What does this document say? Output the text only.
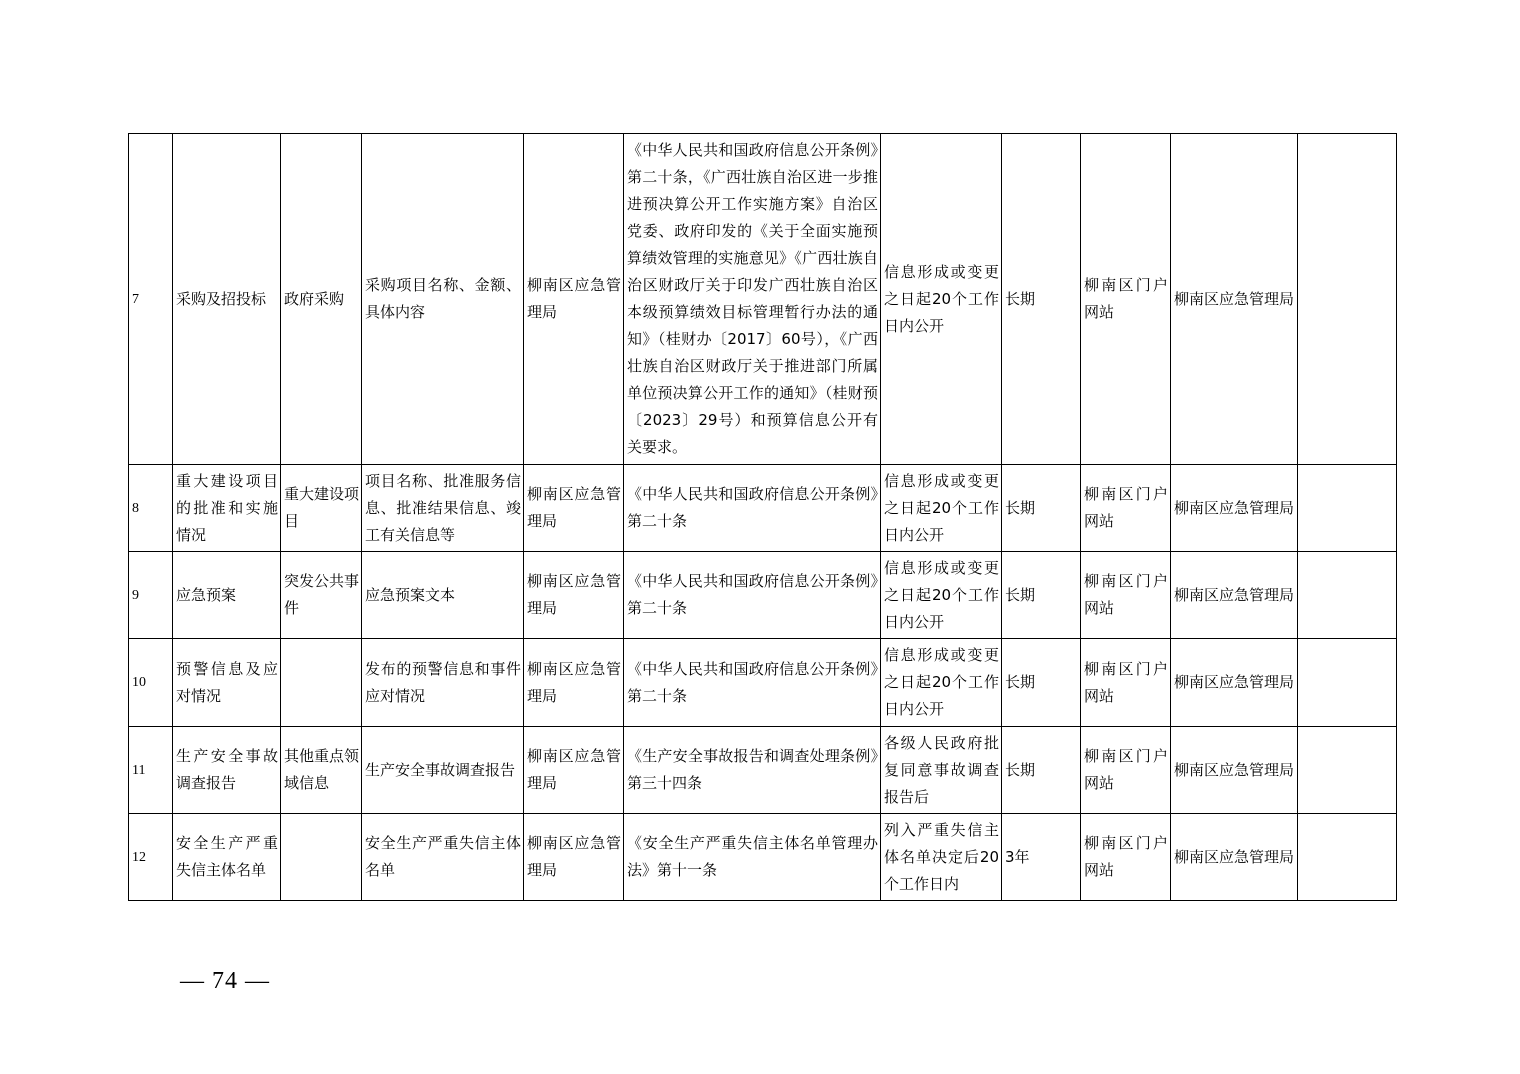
7	采购及招投标	政府采购	采购项目名称、金额、具体内容	柳南区应急管理局	《中华人民共和国政府信息公开条例》第二十条，《广西壮族自治区进一步推进预决算公开工作实施方案》自治区党委、政府印发的《关于全面实施预算绩效管理的实施意见》《广西壮族自治区财政厅关于印发广西壮族自治区本级预算绩效目标管理暂行办法的通知》（桂财办〔2017〕60号），《广西壮族自治区财政厅关于推进部门所属单位预决算公开工作的通知》（桂财预〔2023〕29号）和预算信息公开有关要求。	信息形成或变更之日起20个工作日内公开	长期	柳南区门户网站	柳南区应急管理局	
8	重大建设项目的批准和实施情况	重大建设项目	项目名称、批准服务信息、批准结果信息、竣工有关信息等	柳南区应急管理局	《中华人民共和国政府信息公开条例》第二十条	信息形成或变更之日起20个工作日内公开	长期	柳南区门户网站	柳南区应急管理局	
9	应急预案	突发公共事件	应急预案文本	柳南区应急管理局	《中华人民共和国政府信息公开条例》第二十条	信息形成或变更之日起20个工作日内公开	长期	柳南区门户网站	柳南区应急管理局	
10	预警信息及应对情况		发布的预警信息和事件应对情况	柳南区应急管理局	《中华人民共和国政府信息公开条例》第二十条	信息形成或变更之日起20个工作日内公开	长期	柳南区门户网站	柳南区应急管理局	
11	生产安全事故调查报告	其他重点领域信息	生产安全事故调查报告	柳南区应急管理局	《生产安全事故报告和调查处理条例》第三十四条	各级人民政府批复同意事故调查报告后	长期	柳南区门户网站	柳南区应急管理局	
12	安全生产严重失信主体名单		安全生产严重失信主体名单	柳南区应急管理局	《安全生产严重失信主体名单管理办法》第十一条	列入严重失信主体名单决定后20个工作日内	3年	柳南区门户网站	柳南区应急管理局	
— 74 —
